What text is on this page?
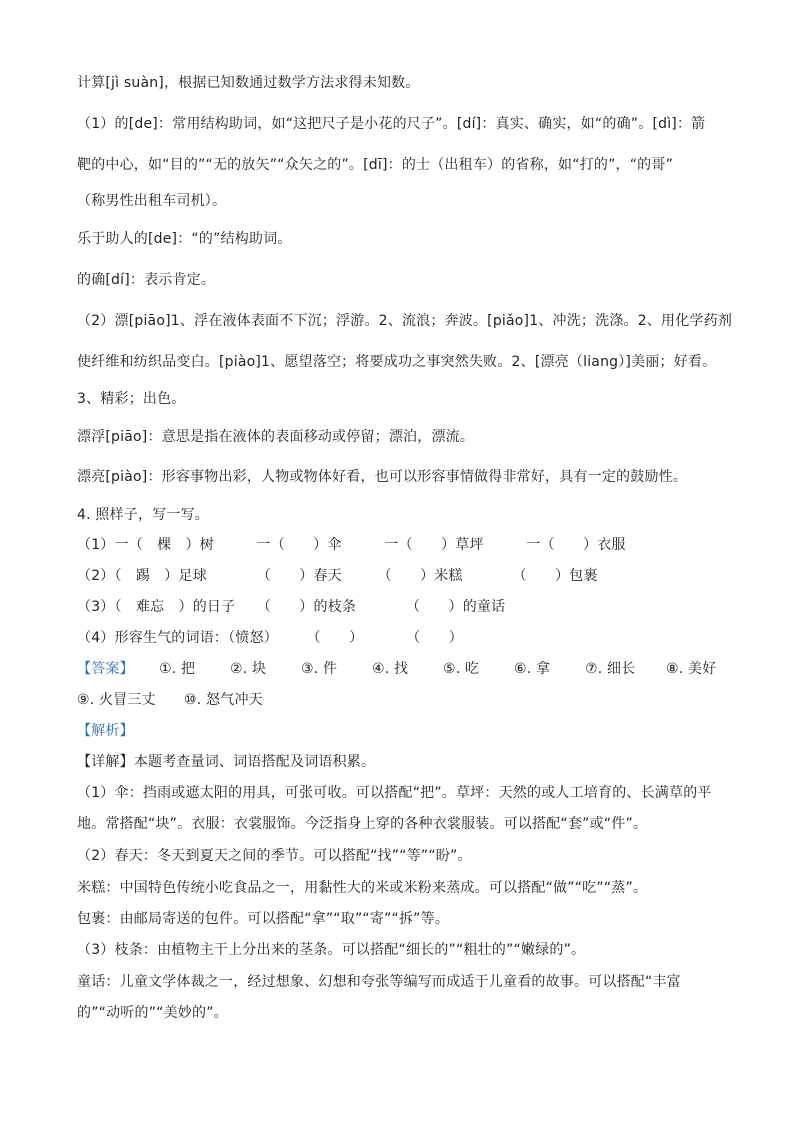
计算[jì suàn]，根据已知数通过数学方法求得未知数。
（1）的[de]：常用结构助词，如“这把尺子是小花的尺子”。[dí]：真实、确实，如“的确”。[dì]：箭
靶的中心，如“目的”“无的放矢”“众矢之的”。[dī]：的士（出租车）的省称，如“打的”，“的哥”
（称男性出租车司机）。
乐于助人的[de]：“的”结构助词。
的确[dí]：表示肯定。
（2）漂[piāo]1、浮在液体表面不下沉；浮游。2、流浪；奔波。[piǎo]1、冲洗；洗涤。2、用化学药剂
使纤维和纺织品变白。[piào]1、愿望落空；将要成功之事突然失败。2、[漂亮（liang）]美丽；好看。
3、精彩；出色。
漂浮[piāo]：意思是指在液体的表面移动或停留；漂泊，漂流。
漂亮[piào]：形容事物出彩，人物或物体好看，也可以形容事情做得非常好，具有一定的鼓励性。
4. 照样子，写一写。
（1）一（　棵　）树　　　一（　　）伞　　　一（　　）草坪　　　一（　　）衣服
（2）（　踢　）足球　　　　（　　）春天　　　（　　）米糕　　　　（　　）包裹
（3）（　难忘　）的日子　　（　　）的枝条　　　　（　　）的童话
（4）形容生气的词语：（愤怒）　　　（　　）　　　　（　　）
【答案】 ①. 把 ②. 块 ③. 件 ④. 找 ⑤. 吃 ⑥. 拿 ⑦. 细长 ⑧. 美好
⑨. 火冒三丈 ⑩. 怒气冲天
【解析】
【详解】本题考查量词、词语搭配及词语积累。
（1）伞：挡雨或遮太阳的用具，可张可收。可以搭配“把”。草坪：天然的或人工培育的、长满草的平
地。常搭配“块”。衣服：衣裳服饰。今泛指身上穿的各种衣裳服装。可以搭配“套”或“件”。
（2）春天：冬天到夏天之间的季节。可以搭配“找”“等”“盼”。
米糕：中国特色传统小吃食品之一，用黏性大的米或米粉来蒸成。可以搭配“做”“吃”“蒸”。
包裹：由邮局寄送的包件。可以搭配“拿”“取”“寄”“拆”等。
（3）枝条：由植物主干上分出来的茎条。可以搭配“细长的”“粗壮的”“嫩绿的”。
童话：儿童文学体裁之一，经过想象、幻想和夸张等编写而成适于儿童看的故事。可以搭配“丰富
的”“动听的”“美妙的”。
